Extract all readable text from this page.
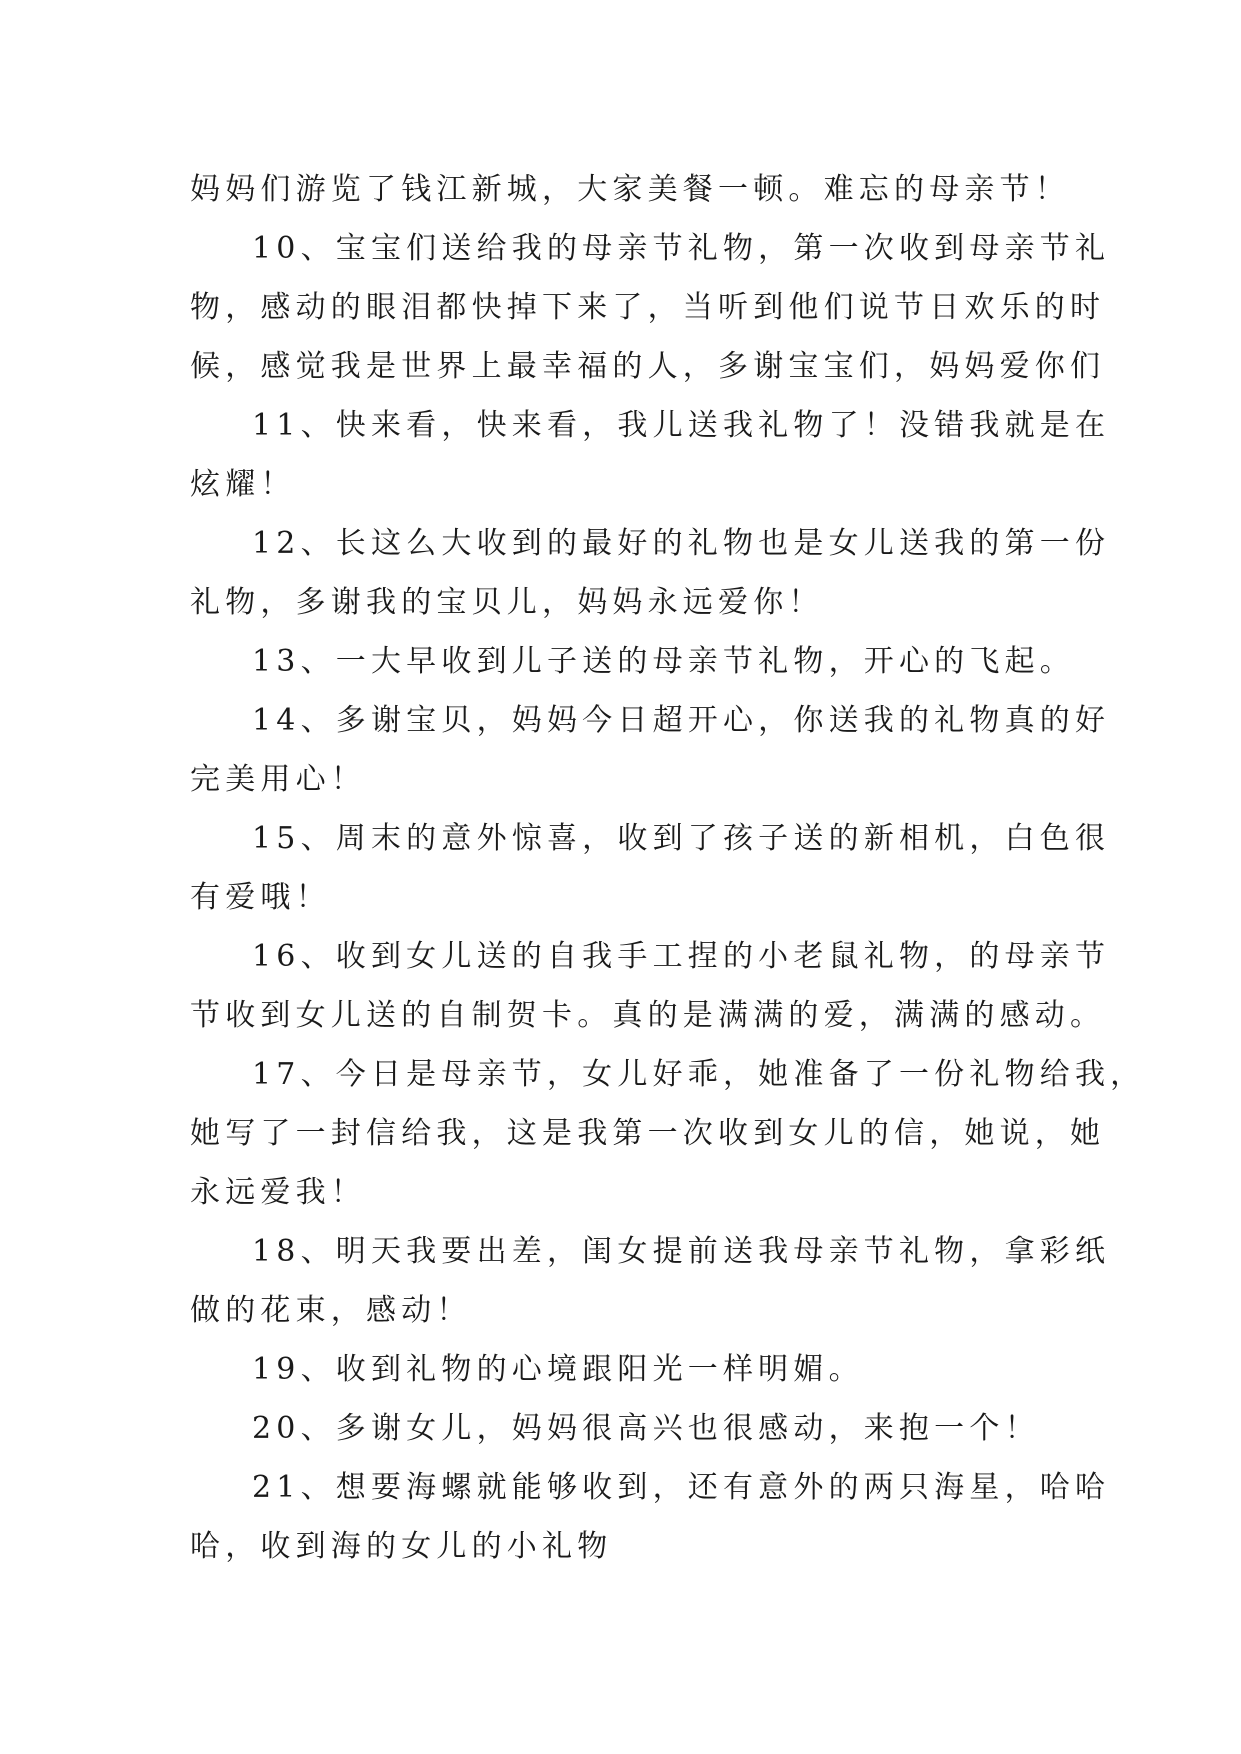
妈妈们游览了钱江新城，大家美餐一顿。难忘的母亲节！

10、宝宝们送给我的母亲节礼物，第一次收到母亲节礼

物，感动的眼泪都快掉下来了，当听到他们说节日欢乐的时

候，感觉我是世界上最幸福的人，多谢宝宝们，妈妈爱你们

11、快来看，快来看，我儿送我礼物了！没错我就是在

炫耀！

12、长这么大收到的最好的礼物也是女儿送我的第一份

礼物，多谢我的宝贝儿，妈妈永远爱你！

13、一大早收到儿子送的母亲节礼物，开心的飞起。

14、多谢宝贝，妈妈今日超开心，你送我的礼物真的好

完美用心！

15、周末的意外惊喜，收到了孩子送的新相机，白色很

有爱哦！

16、收到女儿送的自我手工捏的小老鼠礼物，的母亲节

节收到女儿送的自制贺卡。真的是满满的爱，满满的感动。

17、今日是母亲节，女儿好乖，她准备了一份礼物给我，

她写了一封信给我，这是我第一次收到女儿的信，她说，她

永远爱我！

18、明天我要出差，闺女提前送我母亲节礼物，拿彩纸

做的花束，感动！

19、收到礼物的心境跟阳光一样明媚。

20、多谢女儿，妈妈很高兴也很感动，来抱一个！

21、想要海螺就能够收到，还有意外的两只海星，哈哈

哈，收到海的女儿的小礼物
